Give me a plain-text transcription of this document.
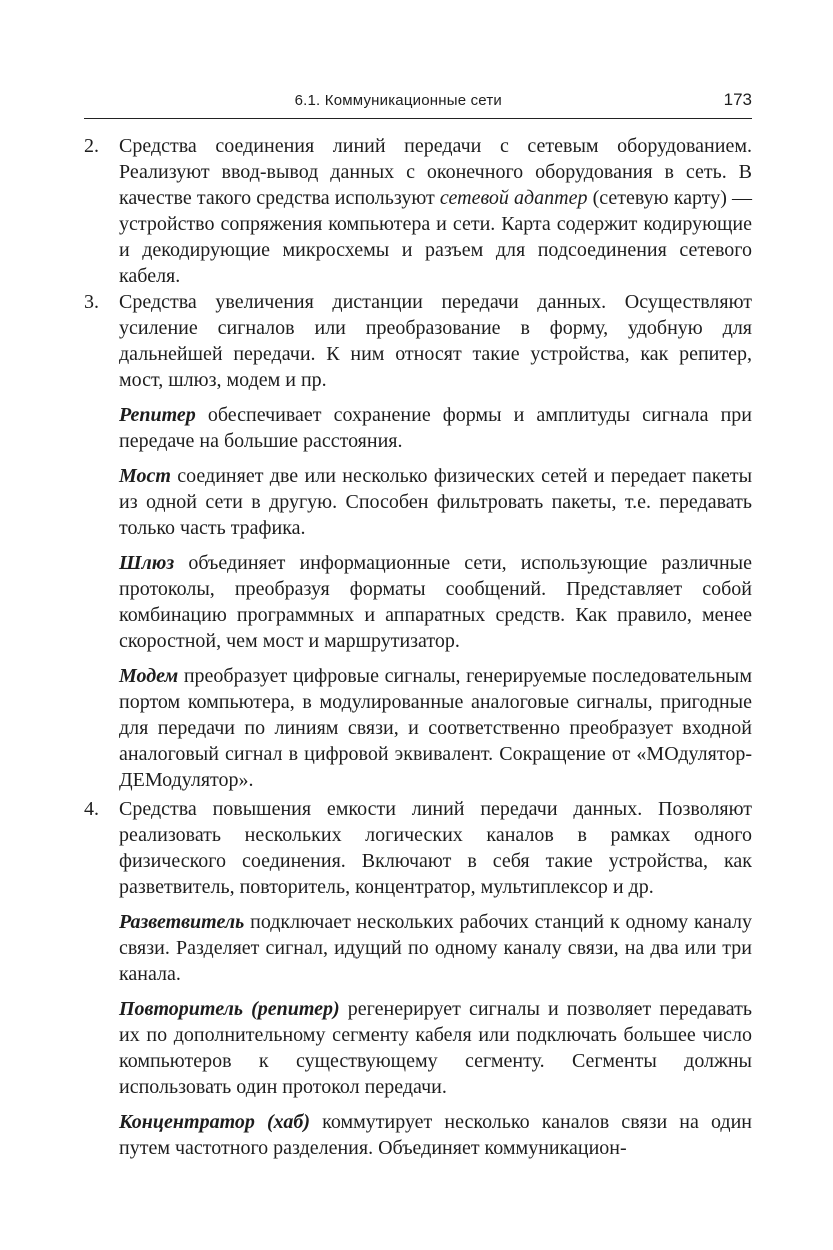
6.1. Коммуникационные сети	173
2. Средства соединения линий передачи с сетевым оборудованием. Реализуют ввод-вывод данных с оконечного оборудования в сеть. В качестве такого средства используют сетевой адаптер (сетевую карту) — устройство сопряжения компьютера и сети. Карта содержит кодирующие и декодирующие микросхемы и разъем для подсоединения сетевого кабеля.

3. Средства увеличения дистанции передачи данных. Осуществляют усиление сигналов или преобразование в форму, удобную для дальнейшей передачи. К ним относят такие устройства, как репитер, мост, шлюз, модем и пр.

Репитер обеспечивает сохранение формы и амплитуды сигнала при передаче на большие расстояния.

Мост соединяет две или несколько физических сетей и передает пакеты из одной сети в другую. Способен фильтровать пакеты, т.е. передавать только часть трафика.

Шлюз объединяет информационные сети, использующие различные протоколы, преобразуя форматы сообщений. Представляет собой комбинацию программных и аппаратных средств. Как правило, менее скоростной, чем мост и маршрутизатор.

Модем преобразует цифровые сигналы, генерируемые последовательным портом компьютера, в модулированные аналоговые сигналы, пригодные для передачи по линиям связи, и соответственно преобразует входной аналоговый сигнал в цифровой эквивалент. Сокращение от «МОдулятор-ДЕМодулятор».

4. Средства повышения емкости линий передачи данных. Позволяют реализовать нескольких логических каналов в рамках одного физического соединения. Включают в себя такие устройства, как разветвитель, повторитель, концентратор, мультиплексор и др.

Разветвитель подключает нескольких рабочих станций к одному каналу связи. Разделяет сигнал, идущий по одному каналу связи, на два или три канала.

Повторитель (репитер) регенерирует сигналы и позволяет передавать их по дополнительному сегменту кабеля или подключать большее число компьютеров к существующему сегменту. Сегменты должны использовать один протокол передачи.

Концентратор (хаб) коммутирует несколько каналов связи на один путем частотного разделения. Объединяет коммуникацион-
